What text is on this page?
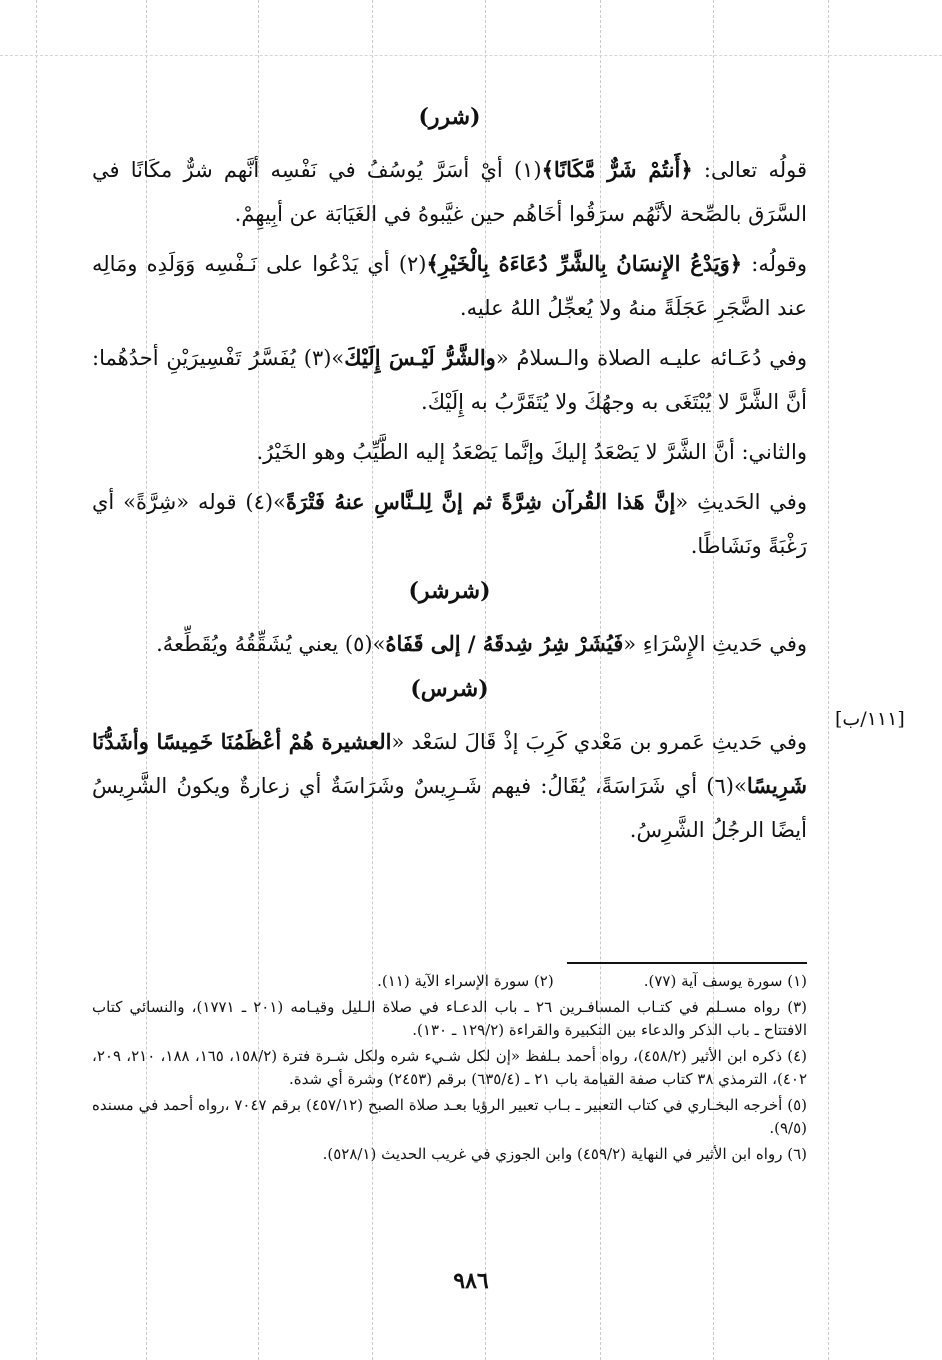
(شرر)

قولُه تعالى: ﴿أَنتُمْ شَرٌّ مَّكَانًا﴾(١) أيْ أسَرَّ يُوسُفُ في نَفْسِه أنَّهم شرٌّ مكَانًا في السَّرَق بالصِّحة لأنَّهُم سرَقُوا أخَاهُم حين غيَّبوهُ في الغَيَابَة عن أبِيهِمْ.

وقولُه: ﴿وَيَدْعُ الإِنسَانُ بِالشَّرِّ دُعَاءَهُ بِالْخَيْرِ﴾(٢) أي يَدْعُوا على نَـفْسِه وَوَلَدِه ومَالِه عند الضَّجَرِ عَجَلَةً منهُ ولا يُعجِّلُ اللهُ عليه.

وفي دُعَـائه عليـه الصلاة والـسلامُ «والشَّرُّ لَيْـسَ إِلَيْكَ»(٣) يُفَسَّرُ تَفْسِيرَيْنِ أحدُهُما: أنَّ الشَّرَّ لا يُبْتَغَى به وجهُكَ ولا يُتَقَرَّبُ به إِلَيْكَ.

والثاني: أنَّ الشَّرَّ لا يَصْعَدُ إليكَ وإنَّما يَصْعَدُ إليه الطَّيِّبُ وهو الخَيْرُ.

وفي الحَديثِ «إنَّ هَذا القُرآن شِرَّةً ثم إنَّ لِلـنَّاسِ عنهُ فَتْرَةً»(٤) قوله «شِرَّةً» أي رَغْبَةً ونَشَاطًا.

(شرشر)

وفي حَديثِ الإِسْرَاءِ «فَيُشَرْ شِرُ شِدقَهُ / إلى قَفَاهُ»(٥) يعني يُشَقِّقُهُ ويُقَطِّعهُ.

(شرس)

وفي حَديثِ عَمرو بن مَعْدي كَرِبَ إذْ قَالَ لسَعْد «العشيرة هُمْ أعْظَمُنَا خَمِيسًا وأشَدُّنَا شَرِيسًا»(٦) أي شَرَاسَةً، يُقَالُ: فيهم شَـرِيسٌ وشَرَاسَةٌ أي زعارةٌ ويكونُ الشَّرِيسُ أيضًا الرجُلُ الشَّرِسُ.

[١١١/ب]
(١) سورة يوسف آية (٧٧).
(٢) سورة الإسراء الآية (١١).

(٣) رواه مسـلم في كتـاب المسافـرين ٢٦ ـ باب الدعـاء في صلاة الـليل وقيـامه (٢٠١ ـ ١٧٧١)، والنسائي كتاب الافتتاح ـ باب الذكر والدعاء بين التكبيرة والقراءة (١٢٩/٢ ـ ١٣٠).

(٤) ذكره ابن الأثير (٤٥٨/٢)، رواه أحمد بـلفظ «إن لكل شـيء شره ولكل شـرة فترة (١٥٨/٢، ١٦٥، ١٨٨، ٢١٠، ٢٠٩، ٤٠٢)، الترمذي ٣٨ كتاب صفة القيامة باب ٢١ ـ (٦٣٥/٤) برقم (٢٤٥٣) وشرة أي شدة.

(٥) أخرجه البخـاري في كتاب التعبير ـ بـاب تعبير الرؤيا بعـد صلاة الصبح (٤٥٧/١٢) برقم ٧٠٤٧ ،رواه أحمد في مسنده (٩/٥).

(٦) رواه ابن الأثير في النهاية (٤٥٩/٢) وابن الجوزي في غريب الحديث (٥٢٨/١).

٩٨٦
